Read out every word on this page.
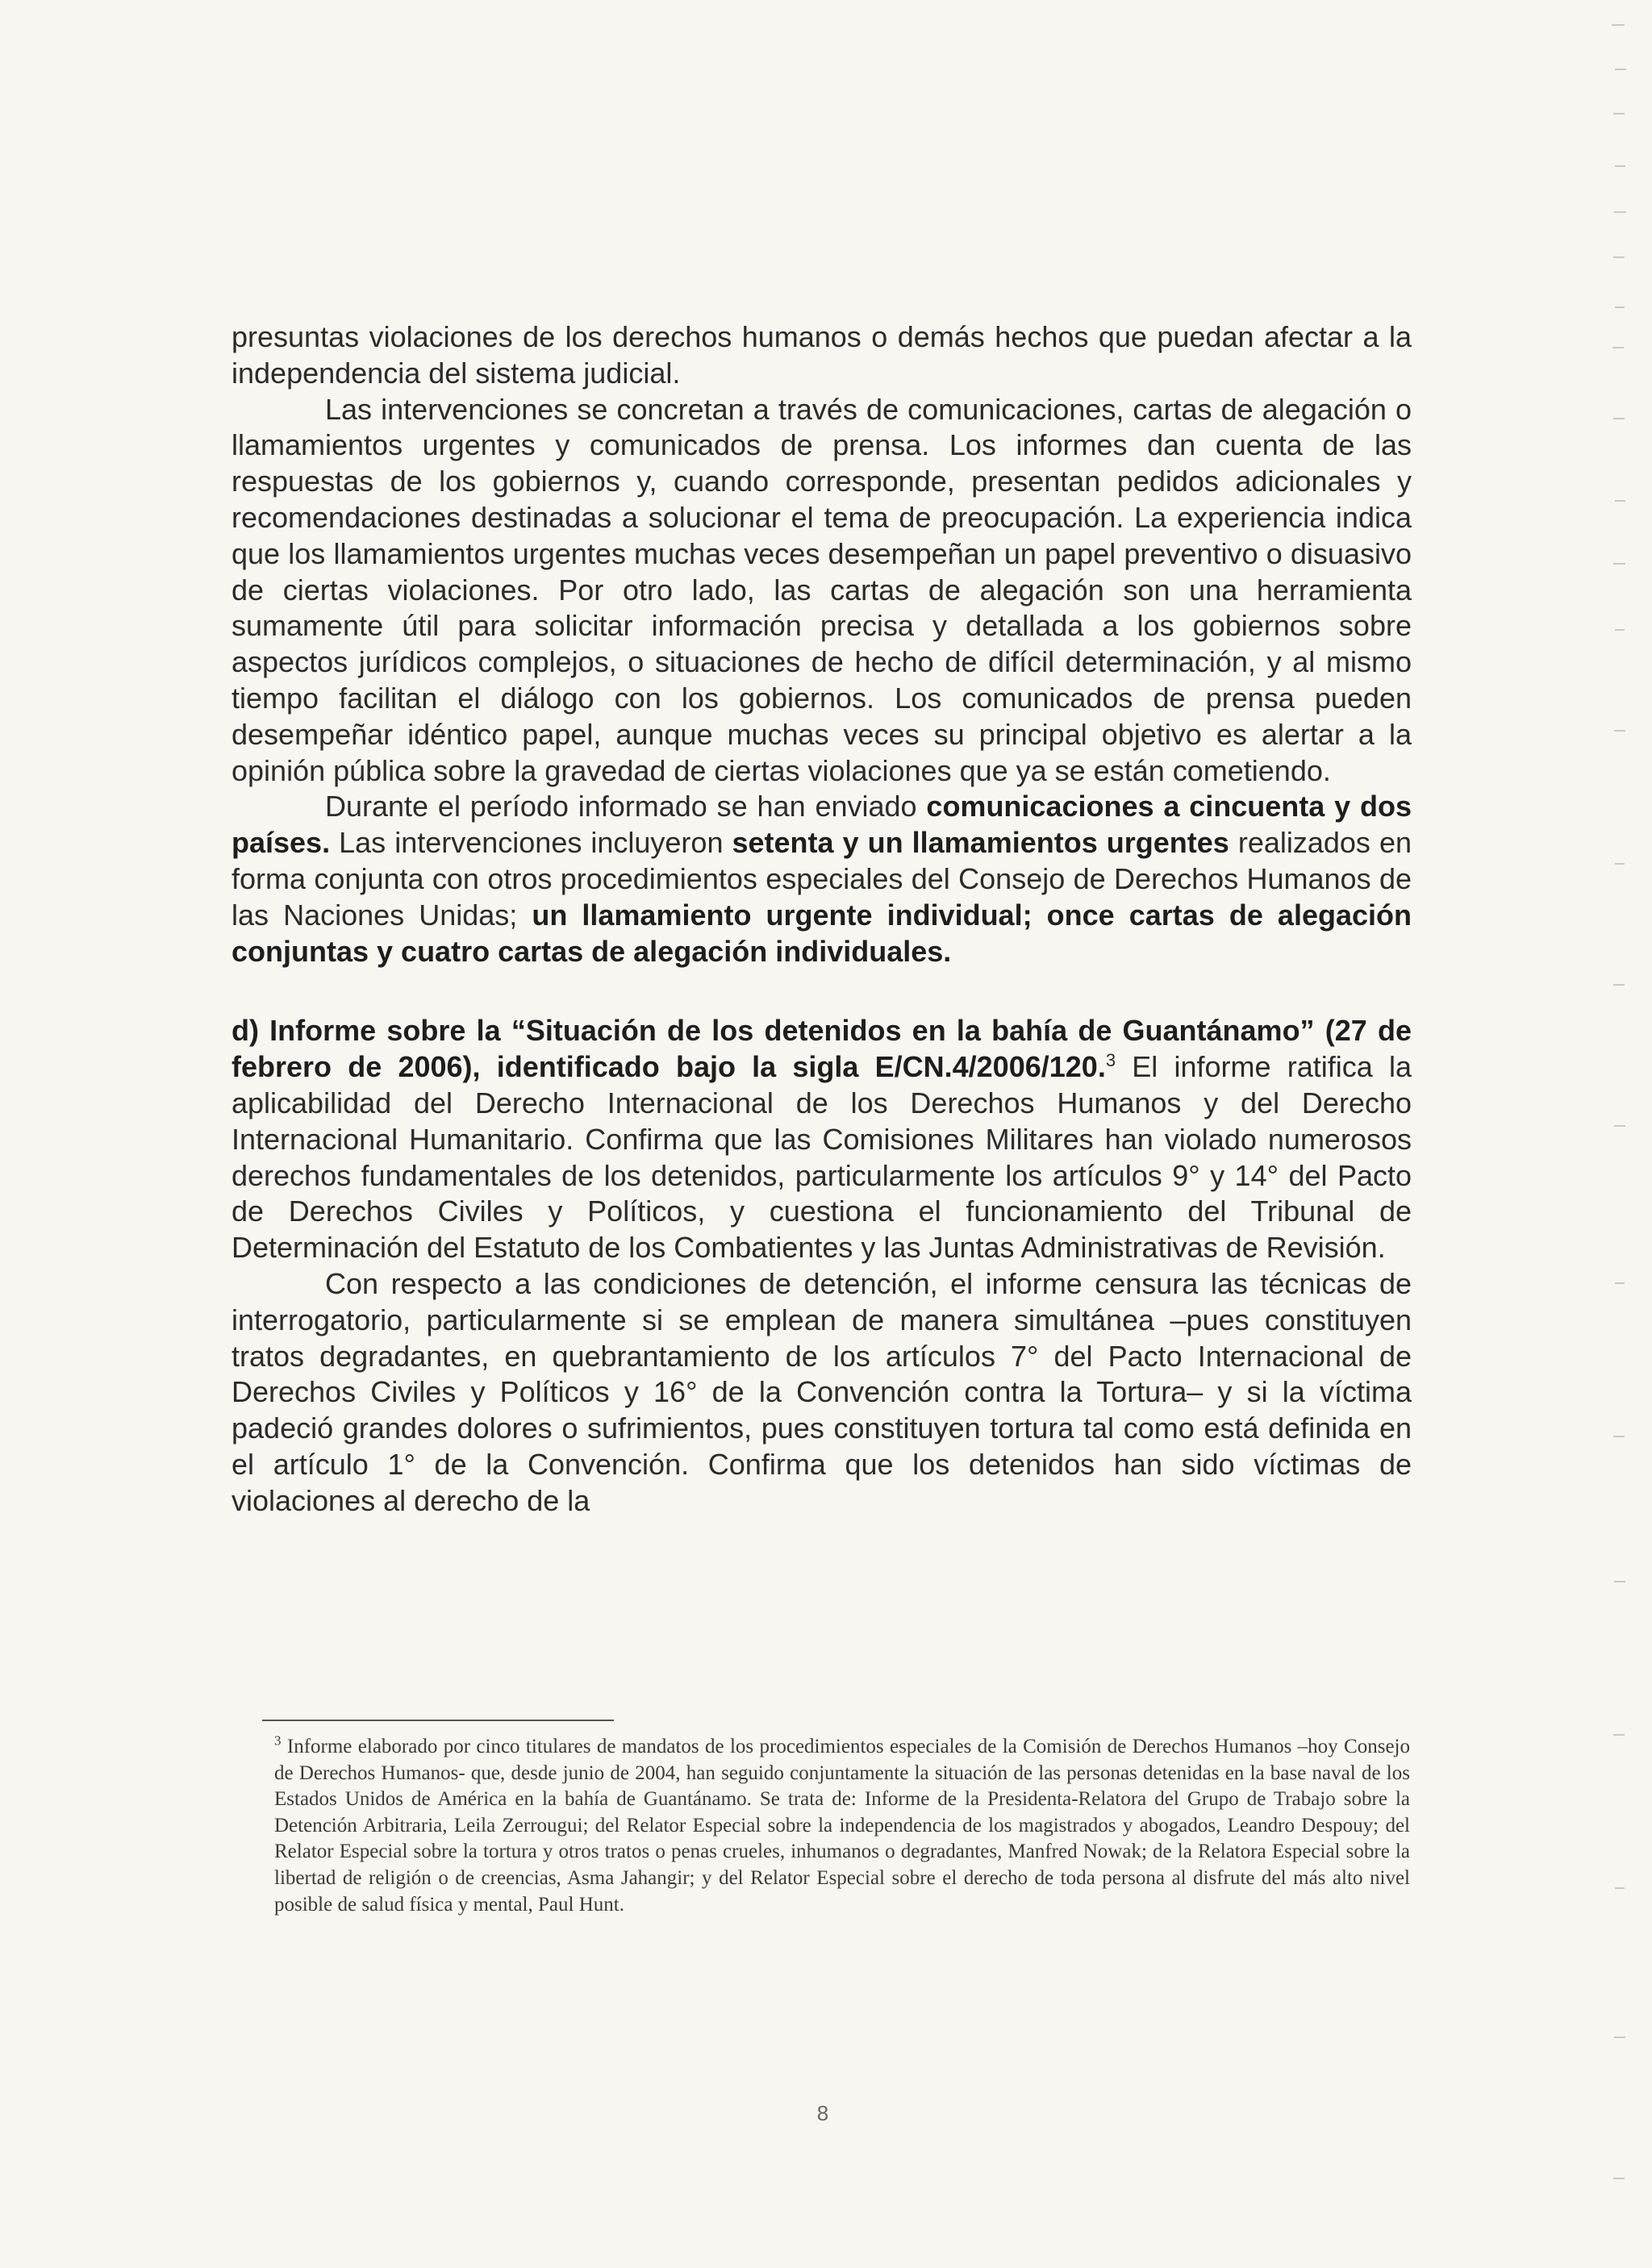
presuntas violaciones de los derechos humanos o demás hechos que puedan afectar a la independencia del sistema judicial.

Las intervenciones se concretan a través de comunicaciones, cartas de alegación o llamamientos urgentes y comunicados de prensa. Los informes dan cuenta de las respuestas de los gobiernos y, cuando corresponde, presentan pedidos adicionales y recomendaciones destinadas a solucionar el tema de preocupación. La experiencia indica que los llamamientos urgentes muchas veces desempeñan un papel preventivo o disuasivo de ciertas violaciones. Por otro lado, las cartas de alegación son una herramienta sumamente útil para solicitar información precisa y detallada a los gobiernos sobre aspectos jurídicos complejos, o situaciones de hecho de difícil determinación, y al mismo tiempo facilitan el diálogo con los gobiernos. Los comunicados de prensa pueden desempeñar idéntico papel, aunque muchas veces su principal objetivo es alertar a la opinión pública sobre la gravedad de ciertas violaciones que ya se están cometiendo.

Durante el período informado se han enviado comunicaciones a cincuenta y dos países. Las intervenciones incluyeron setenta y un llamamientos urgentes realizados en forma conjunta con otros procedimientos especiales del Consejo de Derechos Humanos de las Naciones Unidas; un llamamiento urgente individual; once cartas de alegación conjuntas y cuatro cartas de alegación individuales.

d) Informe sobre la “Situación de los detenidos en la bahía de Guantánamo” (27 de febrero de 2006), identificado bajo la sigla E/CN.4/2006/120.$^3$ El informe ratifica la aplicabilidad del Derecho Internacional de los Derechos Humanos y del Derecho Internacional Humanitario. Confirma que las Comisiones Militares han violado numerosos derechos fundamentales de los detenidos, particularmente los artículos 9° y 14° del Pacto de Derechos Civiles y Políticos, y cuestiona el funcionamiento del Tribunal de Determinación del Estatuto de los Combatientes y las Juntas Administrativas de Revisión.

Con respecto a las condiciones de detención, el informe censura las técnicas de interrogatorio, particularmente si se emplean de manera simultánea –pues constituyen tratos degradantes, en quebrantamiento de los artículos 7° del Pacto Internacional de Derechos Civiles y Políticos y 16° de la Convención contra la Tortura– y si la víctima padeció grandes dolores o sufrimientos, pues constituyen tortura tal como está definida en el artículo 1° de la Convención. Confirma que los detenidos han sido víctimas de violaciones al derecho de la

$^3$ Informe elaborado por cinco titulares de mandatos de los procedimientos especiales de la Comisión de Derechos Humanos –hoy Consejo de Derechos Humanos- que, desde junio de 2004, han seguido conjuntamente la situación de las personas detenidas en la base naval de los Estados Unidos de América en la bahía de Guantánamo. Se trata de: Informe de la Presidenta-Relatora del Grupo de Trabajo sobre la Detención Arbitraria, Leila Zerrougui; del Relator Especial sobre la independencia de los magistrados y abogados, Leandro Despouy; del Relator Especial sobre la tortura y otros tratos o penas crueles, inhumanos o degradantes, Manfred Nowak; de la Relatora Especial sobre la libertad de religión o de creencias, Asma Jahangir; y del Relator Especial sobre el derecho de toda persona al disfrute del más alto nivel posible de salud física y mental, Paul Hunt.

8
